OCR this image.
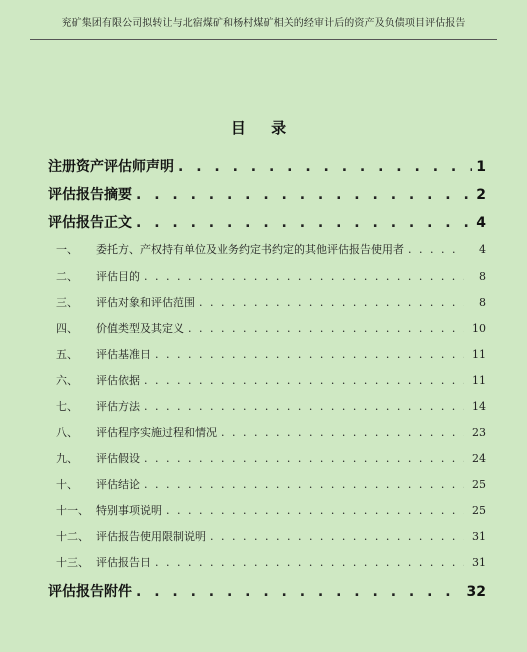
兖矿集团有限公司拟转让与北宿煤矿和杨村煤矿相关的经审计后的资产及负债项目评估报告
目 录
注册资产评估师声明 . . .	1
评估报告摘要 . . .	2
评估报告正文 . . .	4
一、	委托方、产权持有单位及业务约定书约定的其他评估报告使用者 . . .	4
二、	评估目的 . . .	8
三、	评估对象和评估范围 . . .	8
四、	价值类型及其定义 . . .	10
五、	评估基准日 . . .	11
六、	评估依据 . . .	11
七、	评估方法 . . .	14
八、	评估程序实施过程和情况 . . .	23
九、	评估假设 . . .	24
十、	评估结论 . . .	25
十一、 特别事项说明 . . .	25
十二、 评估报告使用限制说明 . . .	31
十三、 评估报告日 . . .	31
评估报告附件 . . .	32
